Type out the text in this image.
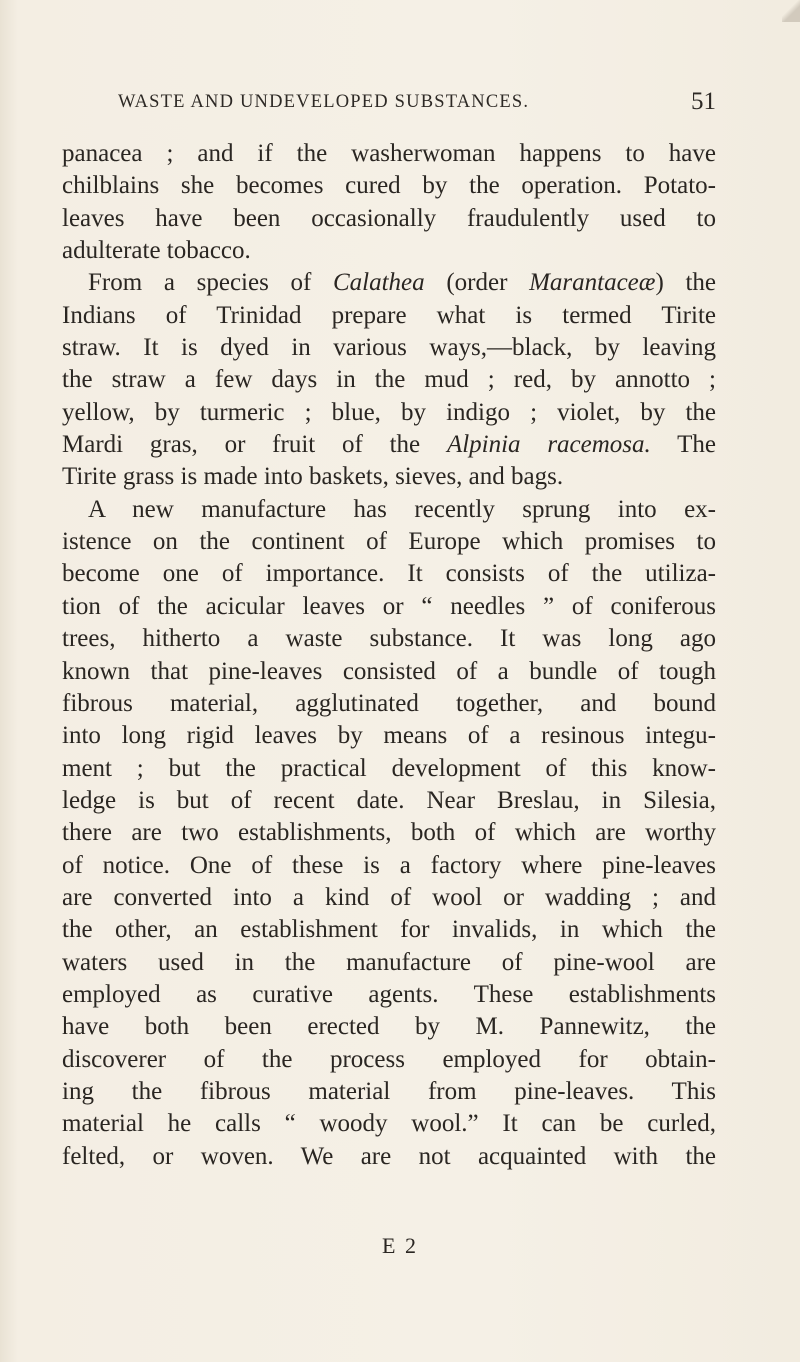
WASTE AND UNDEVELOPED SUBSTANCES.	51
panacea ; and if the washerwoman happens to have
chilblains she becomes cured by the operation. Potato-
leaves have been occasionally fraudulently used to
adulterate tobacco.
From a species of Calathea (order Marantaceæ) the
Indians of Trinidad prepare what is termed Tirite
straw. It is dyed in various ways,—black, by leaving
the straw a few days in the mud ; red, by annotto ;
yellow, by turmeric ; blue, by indigo ; violet, by the
Mardi gras, or fruit of the Alpinia racemosa. The
Tirite grass is made into baskets, sieves, and bags.
A new manufacture has recently sprung into ex-
istence on the continent of Europe which promises to
become one of importance. It consists of the utiliza-
tion of the acicular leaves or “ needles ” of coniferous
trees, hitherto a waste substance. It was long ago
known that pine-leaves consisted of a bundle of tough
fibrous material, agglutinated together, and bound
into long rigid leaves by means of a resinous integu-
ment ; but the practical development of this know-
ledge is but of recent date. Near Breslau, in Silesia,
there are two establishments, both of which are worthy
of notice. One of these is a factory where pine-leaves
are converted into a kind of wool or wadding ; and
the other, an establishment for invalids, in which the
waters used in the manufacture of pine-wool are
employed as curative agents. These establishments
have both been erected by M. Pannewitz, the
discoverer of the process employed for obtain-
ing the fibrous material from pine-leaves. This
material he calls “ woody wool.” It can be curled,
felted, or woven. We are not acquainted with the
E 2
